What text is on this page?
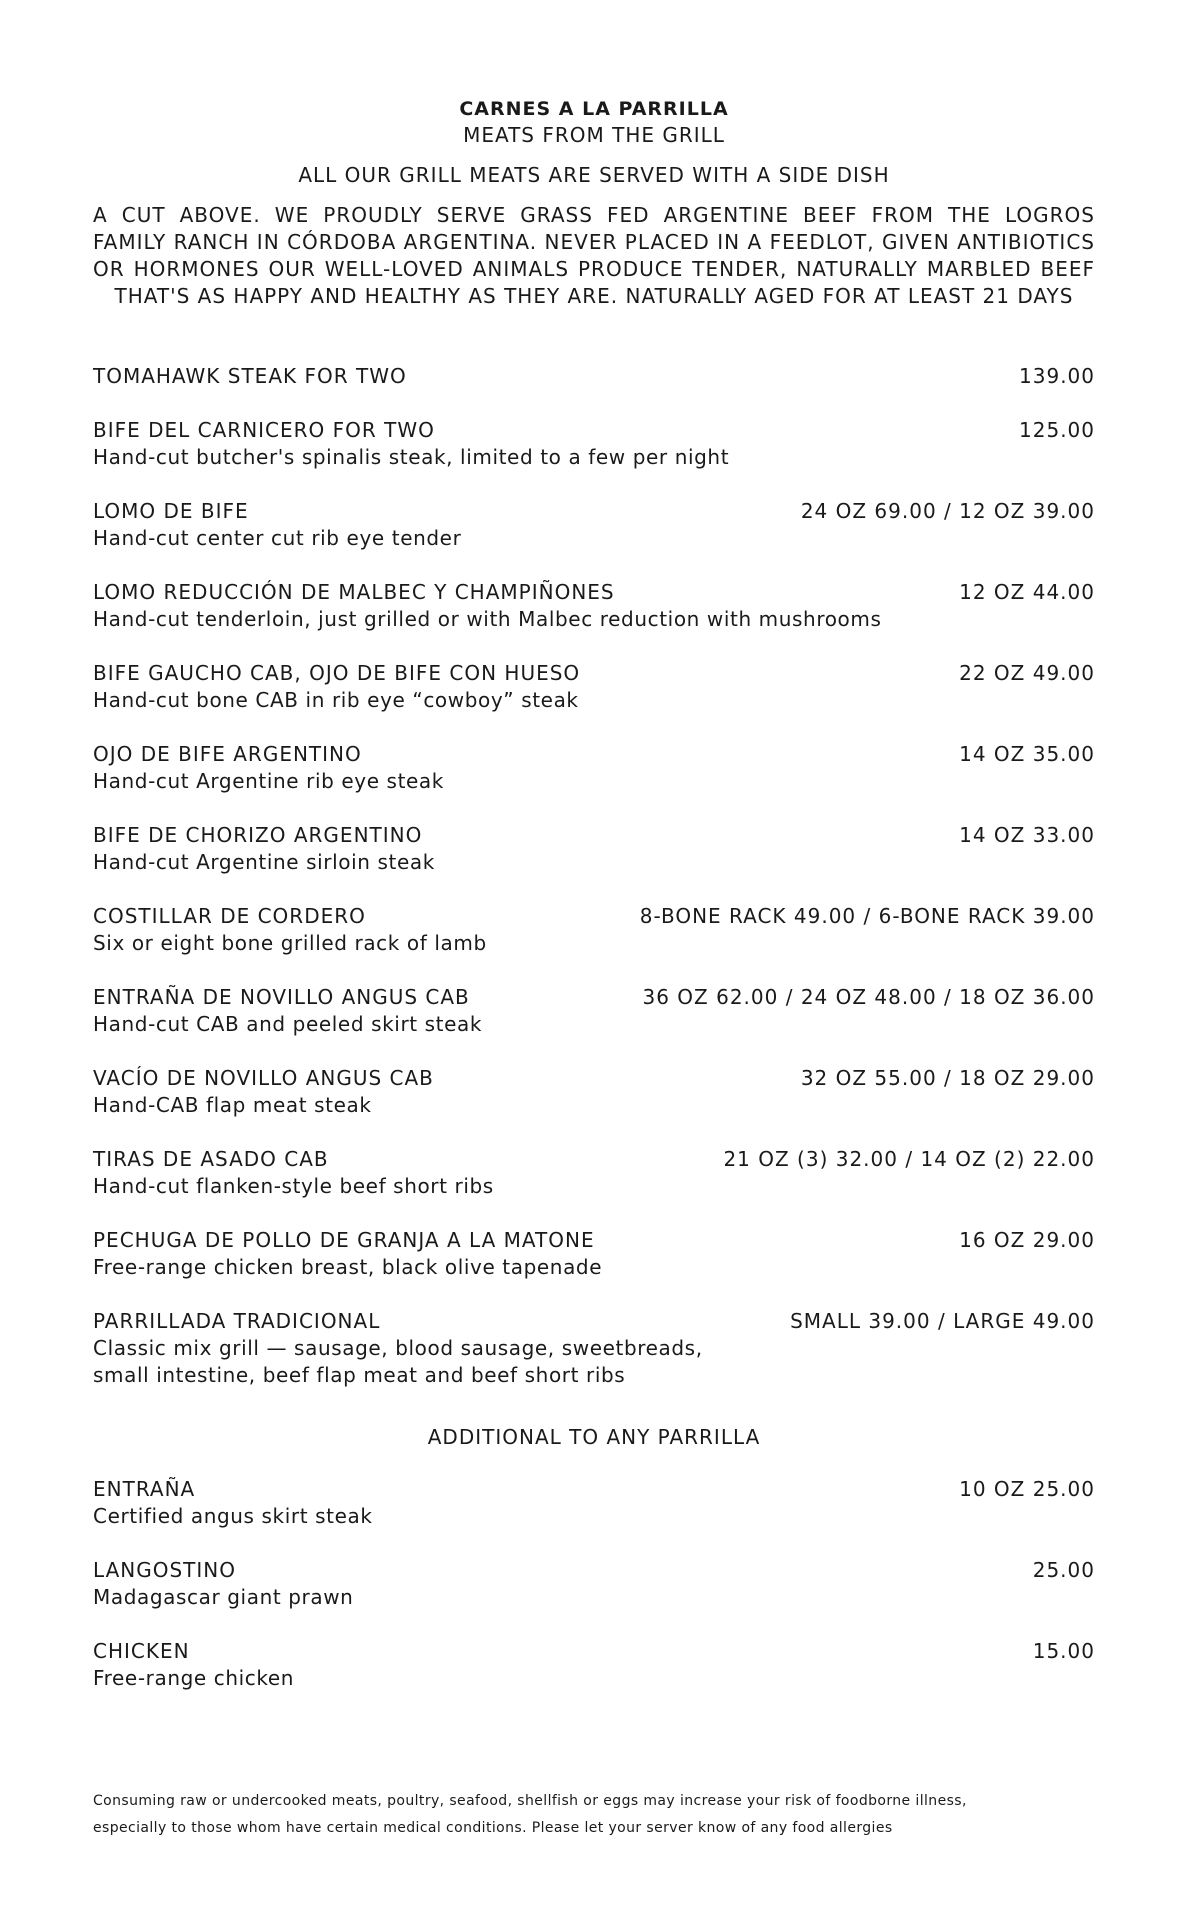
CARNES A LA PARRILLA
MEATS FROM THE GRILL
ALL OUR GRILL MEATS ARE SERVED WITH A SIDE DISH
A CUT ABOVE. WE PROUDLY SERVE GRASS FED ARGENTINE BEEF FROM THE LOGROS FAMILY RANCH IN CÓRDOBA ARGENTINA. NEVER PLACED IN A FEEDLOT, GIVEN ANTIBIOTICS OR HORMONES OUR WELL-LOVED ANIMALS PRODUCE TENDER, NATURALLY MARBLED BEEF THAT'S AS HAPPY AND HEALTHY AS THEY ARE. NATURALLY AGED FOR AT LEAST 21 DAYS
TOMAHAWK STEAK FOR TWO	139.00
BIFE DEL CARNICERO FOR TWO	125.00
Hand-cut butcher's spinalis steak, limited to a few per night
LOMO DE BIFE	24 OZ 69.00 / 12 OZ 39.00
Hand-cut center cut rib eye tender
LOMO REDUCCIÓN DE MALBEC Y CHAMPIÑONES	12 OZ 44.00
Hand-cut tenderloin, just grilled or with Malbec reduction with mushrooms
BIFE GAUCHO CAB, OJO DE BIFE CON HUESO	22 OZ 49.00
Hand-cut bone CAB in rib eye “cowboy” steak
OJO DE BIFE ARGENTINO	14 OZ 35.00
Hand-cut Argentine rib eye steak
BIFE DE CHORIZO ARGENTINO	14 OZ 33.00
Hand-cut Argentine sirloin steak
COSTILLAR DE CORDERO	8-BONE RACK 49.00 / 6-BONE RACK 39.00
Six or eight bone grilled rack of lamb
ENTRAÑA DE NOVILLO ANGUS CAB	36 OZ 62.00 / 24 OZ 48.00 / 18 OZ 36.00
Hand-cut CAB and peeled skirt steak
VACÍO DE NOVILLO ANGUS CAB	32 OZ 55.00 / 18 OZ 29.00
Hand-CAB flap meat steak
TIRAS DE ASADO CAB	21 OZ (3) 32.00 / 14 OZ (2) 22.00
Hand-cut flanken-style beef short ribs
PECHUGA DE POLLO DE GRANJA A LA MATONE	16 OZ 29.00
Free-range chicken breast, black olive tapenade
PARRILLADA TRADICIONAL	SMALL 39.00 / LARGE 49.00
Classic mix grill — sausage, blood sausage, sweetbreads,
small intestine, beef flap meat and beef short ribs
ADDITIONAL TO ANY PARRILLA
ENTRAÑA	10 OZ 25.00
Certified angus skirt steak
LANGOSTINO	25.00
Madagascar giant prawn
CHICKEN	15.00
Free-range chicken
Consuming raw or undercooked meats, poultry, seafood, shellfish or eggs may increase your risk of foodborne illness,
especially to those whom have certain medical conditions. Please let your server know of any food allergies
